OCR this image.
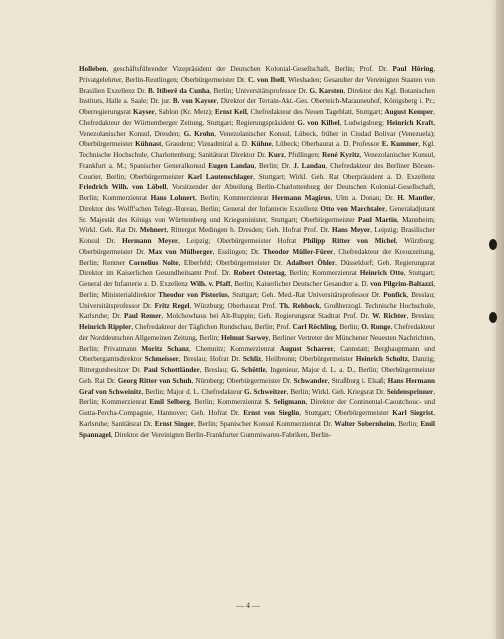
Holleben, geschäftsführender Vizepräsident der Deutschen Kolonial-Gesellschaft, Berlin; Prof. Dr. Paul Höring, Privatgelehrter, Berlin-Reutlingen; Oberbürgermeister Dr. C. von Ibell, Wiesbaden; Gesandter der Vereinigten Staaten von Brasilien Exzellenz Dr. B. Itiberê da Cunha, Berlin; Universitätsprofessor Dr. G. Karsten, Direktor des Kgl. Botanischen Instituts, Halle a. Saale; Dr. jur. B. von Kayser, Direktor der Terrain-Akt.-Ges. Oberteich-Marauneuhof, Königsberg i. Pr.; Oberregierungsrat Kayser, Sablon (Kr. Metz); Ernst Keil, Chefredakteur des Neuen Tageblatt, Stuttgart; August Kemper, Chefredakteur der Württemberger Zeitung, Stuttgart; Regierungspräsident G. von Kilbel, Ludwigsburg; Heinrich Kraft, Venezolanischer Konsul, Dresden; G. Krohn, Venezolanischer Konsul, Lübeck, früher in Ciudad Bolivar (Venezuela); Oberbürgermeister Kühnast, Graudenz; Vizeadmiral a. D. Kühne, Lübeck; Oberbaurat a. D. Professor E. Kummer, Kgl. Technische Hochschule, Charlottenburg; Sanitätsrat Direktor Dr. Kurz, Pfullingen; René Kyritz, Venezolanischer Konsul, Frankfurt a. M.; Spanischer Generalkonsul Eugen Landau, Berlin; Dr. J. Landau, Chefredakteur des Berliner Börsen-Courier, Berlin; Oberbürgermeister Karl Lautenschlager, Stuttgart; Wirkl. Geh. Rat Oberpräsident a. D. Exzellenz Friedrich Wilh. von Löbell, Vorsitzender der Abteilung Berlin-Charlottenburg der Deutschen Kolonial-Gesellschaft, Berlin; Kommerzienrat Hans Lohnert, Berlin; Kommerzienrat Hermann Magirus, Ulm a. Donau; Dr. H. Mantler, Direktor des Wolff'schen Telegr.-Bureau, Berlin; General der Infanterie Exzellenz Otto von Marchtaler, Generaladjutant Sr. Majestät des Königs von Württemberg und Kriegsminister, Stuttgart; Oberbürgermeister Paul Martin, Mannheim; Wirkl. Geh. Rat Dr. Mehnert, Rittergut Medingen b. Dresden; Geh. Hofrat Prof. Dr. Hans Meyer, Leipzig; Brasilischer Konsul Dr. Hermann Meyer, Leipzig; Oberbürgermeister Hofrat Philipp Ritter von Michel, Würzburg; Oberbürgermeister Dr. Max von Mülberger, Esslingen; Dr. Theodor Müller-Fürer, Chefredakteur der Kreuzzeitung, Berlin; Rentner Cornelius Nolte, Elberfeld; Oberbürgermeister Dr. Adalbert Öhler, Düsseldorf; Geh. Regierungsrat Direktor im Kaiserlichen Gesundheitsamt Prof. Dr. Robert Ostertag, Berlin; Kommerzienrat Heinrich Otto, Stuttgart; General der Infanterie z. D. Exzellenz Wilh. v. Pfaff, Berlin; Kaiserlicher Deutscher Gesandter a. D. von Pilgrim-Baltazzi, Berlin; Ministerialdirektor Theodor von Pistorius, Stuttgart; Geh. Med.-Rat Universitätsprofessor Dr. Ponfick, Breslau; Universitätsprofessor Dr. Fritz Regel, Würzburg; Oberbaurat Prof. Th. Rehbock, Großherzogl. Technische Hochschule, Karlsruhe; Dr. Paul Remer, Molchowhaus bei Alt-Ruppin; Geh. Regierungsrat Stadtrat Prof. Dr. W. Richter, Breslau; Heinrich Rippler, Chefredakteur der Täglichen Rundschau, Berlin; Prof. Carl Röchling, Berlin; O. Runge, Chefredakteur der Norddeutschen Allgemeinen Zeitung, Berlin; Helmut Sarwey, Berliner Vertreter der Münchener Neuesten Nachrichten, Berlin; Privatmann Moritz Schanz, Chemnitz; Kommerzienrat August Scharrer, Cannstatt; Berghauptmann und Oberbergamtsdirektor Schmeisser, Breslau; Hofrat Dr. Schliz, Heilbronn; Oberbürgermeister Heinrich Scholtz, Danzig; Rittergutsbesitzer Dr. Paul Schottländer, Breslau; G. Schöttle, Ingenieur, Major d. L. a. D., Berlin; Oberbürgermeister Geh. Rat Dr. Georg Ritter von Schuh, Nürnberg; Oberbürgermeister Dr. Schwander, Straßburg i. Elsaß; Hans Hermann Graf von Schweinitz, Berlin; Major d. L. Chefredakteur G. Schweitzer, Berlin; Wirkl. Geh. Kriegsrat Dr. Seidensprinner, Berlin; Kommerzienrat Emil Selberg, Berlin; Kommerzienrat S. Seligmann, Direktor der Continental-Caoutchouc- und Gutta-Percha-Compagnie, Hannover; Geh. Hofrat Dr. Ernst von Sieglin, Stuttgart; Oberbürgermeister Karl Siegrist, Karlsruhe; Sanitätsrat Dr. Ernst Singer, Berlin; Spanischer Konsul Kommerzienrat Dr. Walter Sobernheim, Berlin; Emil Spannagel, Direktor der Vereinigten Berlin-Frankfurter Gummiwaren-Fabriken, Berlin-

— 4 —
